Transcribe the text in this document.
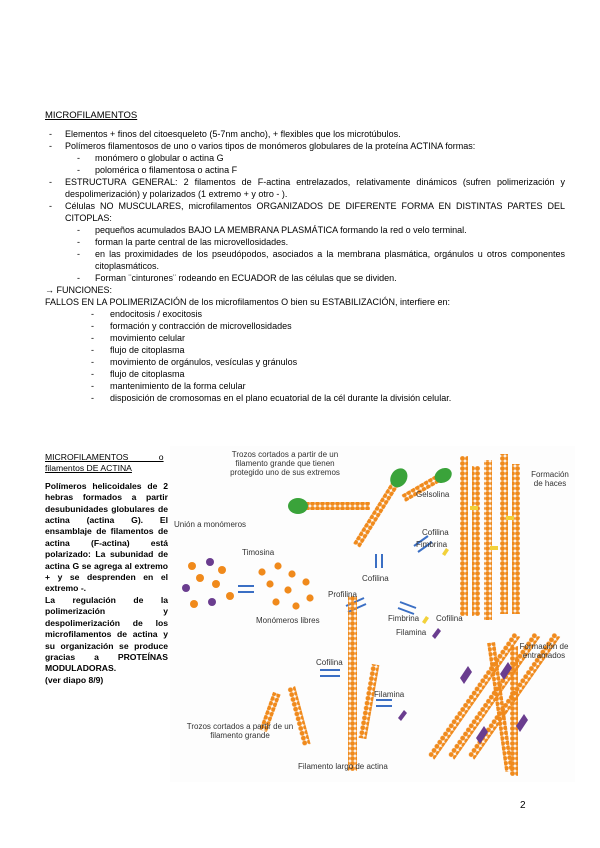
MICROFILAMENTOS
-	Elementos + finos del citoesqueleto (5-7nm ancho), + flexibles que los microtúbulos.
-	Polímeros filamentosos de uno o varios tipos de monómeros globulares de la proteína ACTINA formas:
-	monómero o globular o actina G
-	polomérica o filamentosa o actina F
-	ESTRUCTURA GENERAL: 2 filamentos de F-actina entrelazados, relativamente dinámicos (sufren polimerización y despolimerización) y polarizados (1 extremo + y otro - ).
-	Células NO MUSCULARES, microfilamentos ORGANIZADOS DE DIFERENTE FORMA EN DISTINTAS PARTES DEL CITOPLAS:
-	pequeños acumulados BAJO LA MEMBRANA PLASMÁTICA formando la red o velo terminal.
-	forman la parte central de las microvellosidades.
-	en las proximidades de los pseudópodos, asociados a la membrana plasmática, orgánulos u otros componentes citoplasmáticos.
-	Forman ¨cinturones¨ rodeando en ECUADOR de las células que se dividen.
→ FUNCIONES:
FALLOS EN LA POLIMERIZACIÓN de los microfilamentos O bien su ESTABILIZACIÓN, interfiere en:
-	endocitosis / exocitosis
-	formación y contracción de microvellosidades
-	movimiento celular
-	flujo de citoplasma
-	movimiento de orgánulos, vesículas y gránulos
-	flujo de citoplasma
-	mantenimiento de la forma celular
-	disposición de cromosomas en el plano ecuatorial de la cél durante la división celular.
MICROFILAMENTOS o
filamentos DE ACTINA
Polímeros helicoidales de 2 hebras formados a partir desubunidades globulares de actina (actina G). El ensamblaje de filamentos de actina (F-actina) está polarizado: La subunidad de actina G se agrega al extremo + y se desprenden en el extremo -.
La regulación de la polimerización y despolimerización de los microfilamentos de actina y su organización se produce gracias a PROTEÍNAS MODULADORAS.
(ver diapo 8/9)
Trozos cortados a partir de un filamento grande que tienen protegido uno de sus extremos
Unión a monómeros
Gelsolina
Formación de haces
Timosina
Cofilina
Cofilina
Fimbrina
Profilina
Monómeros libres	Fimbrina Cofilina
Filamina
Cofilina
Formación de entramados
Filamina
Trozos cortados a partir de un filamento grande
Filamento largo de actina
2
